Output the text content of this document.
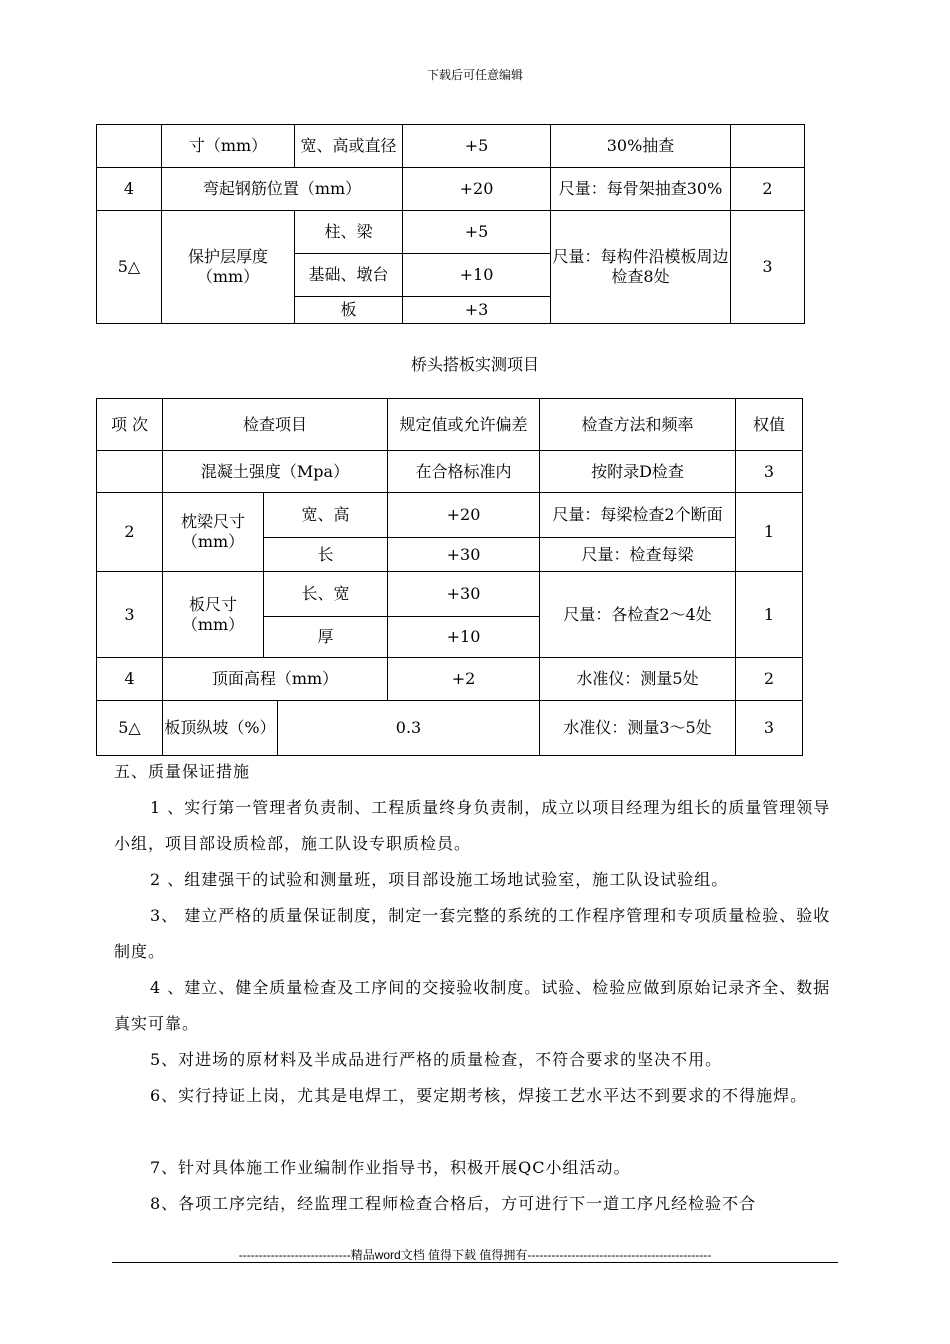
下载后可任意编辑
	寸（mm）	宽、高或直径	+5	30%抽查	
4	弯起钢筋位置（mm）		+20	尺量：每骨架抽查30%	2
5△	保护层厚度（mm）	柱、梁	+5	尺量：每构件沿模板周边检查8处	3
		基础、墩台	+10		
		板	+3		
桥头搭板实测项目
项 次	检查项目			规定值或允许偏差	检查方法和频率	权值
	混凝土强度（Mpa）			在合格标准内	按附录D检查	3
2	枕梁尺寸（mm）	宽、高		+20	尺量：每梁检查2个断面	1
		长		+30	尺量：检查每梁	
3	板尺寸（mm）	长、宽		+30	尺量：各检查2～4处	1
		厚		+10		
4	顶面高程（mm）			+2	水准仪：测量5处	2
5△	板顶纵坡（%）		0.3		水准仪：测量3～5处	3
五、质量保证措施
1 、实行第一管理者负责制、工程质量终身负责制，成立以项目经理为组长的质量管理领导小组，项目部设质检部，施工队设专职质检员。
2 、组建强干的试验和测量班，项目部设施工场地试验室，施工队设试验组。
3、 建立严格的质量保证制度，制定一套完整的系统的工作程序管理和专项质量检验、验收制度。
4 、建立、健全质量检查及工序间的交接验收制度。试验、检验应做到原始记录齐全、数据真实可靠。
5、对进场的原材料及半成品进行严格的质量检查，不符合要求的坚决不用。
6、实行持证上岗，尤其是电焊工，要定期考核，焊接工艺水平达不到要求的不得施焊。
7、针对具体施工作业编制作业指导书，积极开展QC小组活动。
8、各项工序完结，经监理工程师检查合格后，方可进行下一道工序凡经检验不合
----------------------------精品word文档 值得下载 值得拥有----------------------------------------------
